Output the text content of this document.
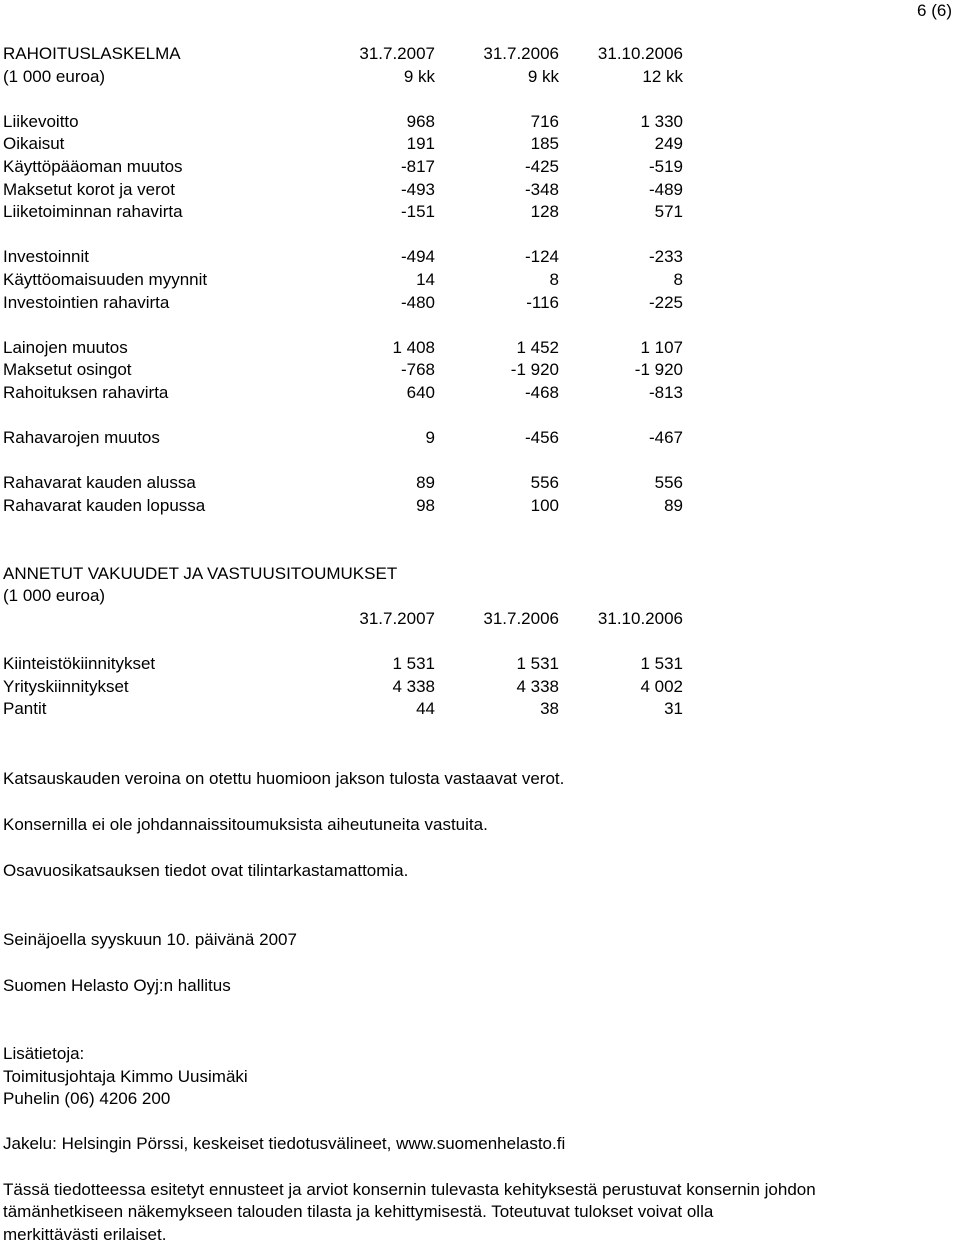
6 (6)
RAHOITUSLASKELMA	31.7.2007	31.7.2006 31.10.2006
(1 000 euroa)	9 kk	9 kk	12 kk
Liikevoitto	968	716	1 330
Oikaisut	191	185	249
Käyttöpääoman muutos	-817	-425	-519
Maksetut korot ja verot	-493	-348	-489
Liiketoiminnan rahavirta	-151	128	571
Investoinnit	-494	-124	-233
Käyttöomaisuuden myynnit	14	8	8
Investointien rahavirta	-480	-116	-225
Lainojen muutos	1 408	1 452	1 107
Maksetut osingot	-768	-1 920	-1 920
Rahoituksen rahavirta	640	-468	-813
Rahavarojen muutos	9	-456	-467
Rahavarat kauden alussa	89	556	556
Rahavarat kauden lopussa	98	100	89
ANNETUT VAKUUDET JA VASTUUSITOUMUKSET
(1 000 euroa)
31.7.2007	31.7.2006 31.10.2006
Kiinteistökiinnitykset	1 531	1 531	1 531
Yrityskiinnitykset	4 338	4 338	4 002
Pantit	44	38	31
Katsauskauden veroina on otettu huomioon jakson tulosta vastaavat verot.
Konsernilla ei ole johdannaissitoumuksista aiheutuneita vastuita.
Osavuosikatsauksen tiedot ovat tilintarkastamattomia.
Seinäjoella syyskuun 10. päivänä 2007
Suomen Helasto Oyj:n hallitus
Lisätietoja:
Toimitusjohtaja Kimmo Uusimäki
Puhelin (06) 4206 200
Jakelu: Helsingin Pörssi, keskeiset tiedotusvälineet, www.suomenhelasto.fi
Tässä tiedotteessa esitetyt ennusteet ja arviot konsernin tulevasta kehityksestä perustuvat konsernin johdon
tämänhetkiseen näkemykseen talouden tilasta ja kehittymisestä. Toteutuvat tulokset voivat olla
merkittävästi erilaiset.
